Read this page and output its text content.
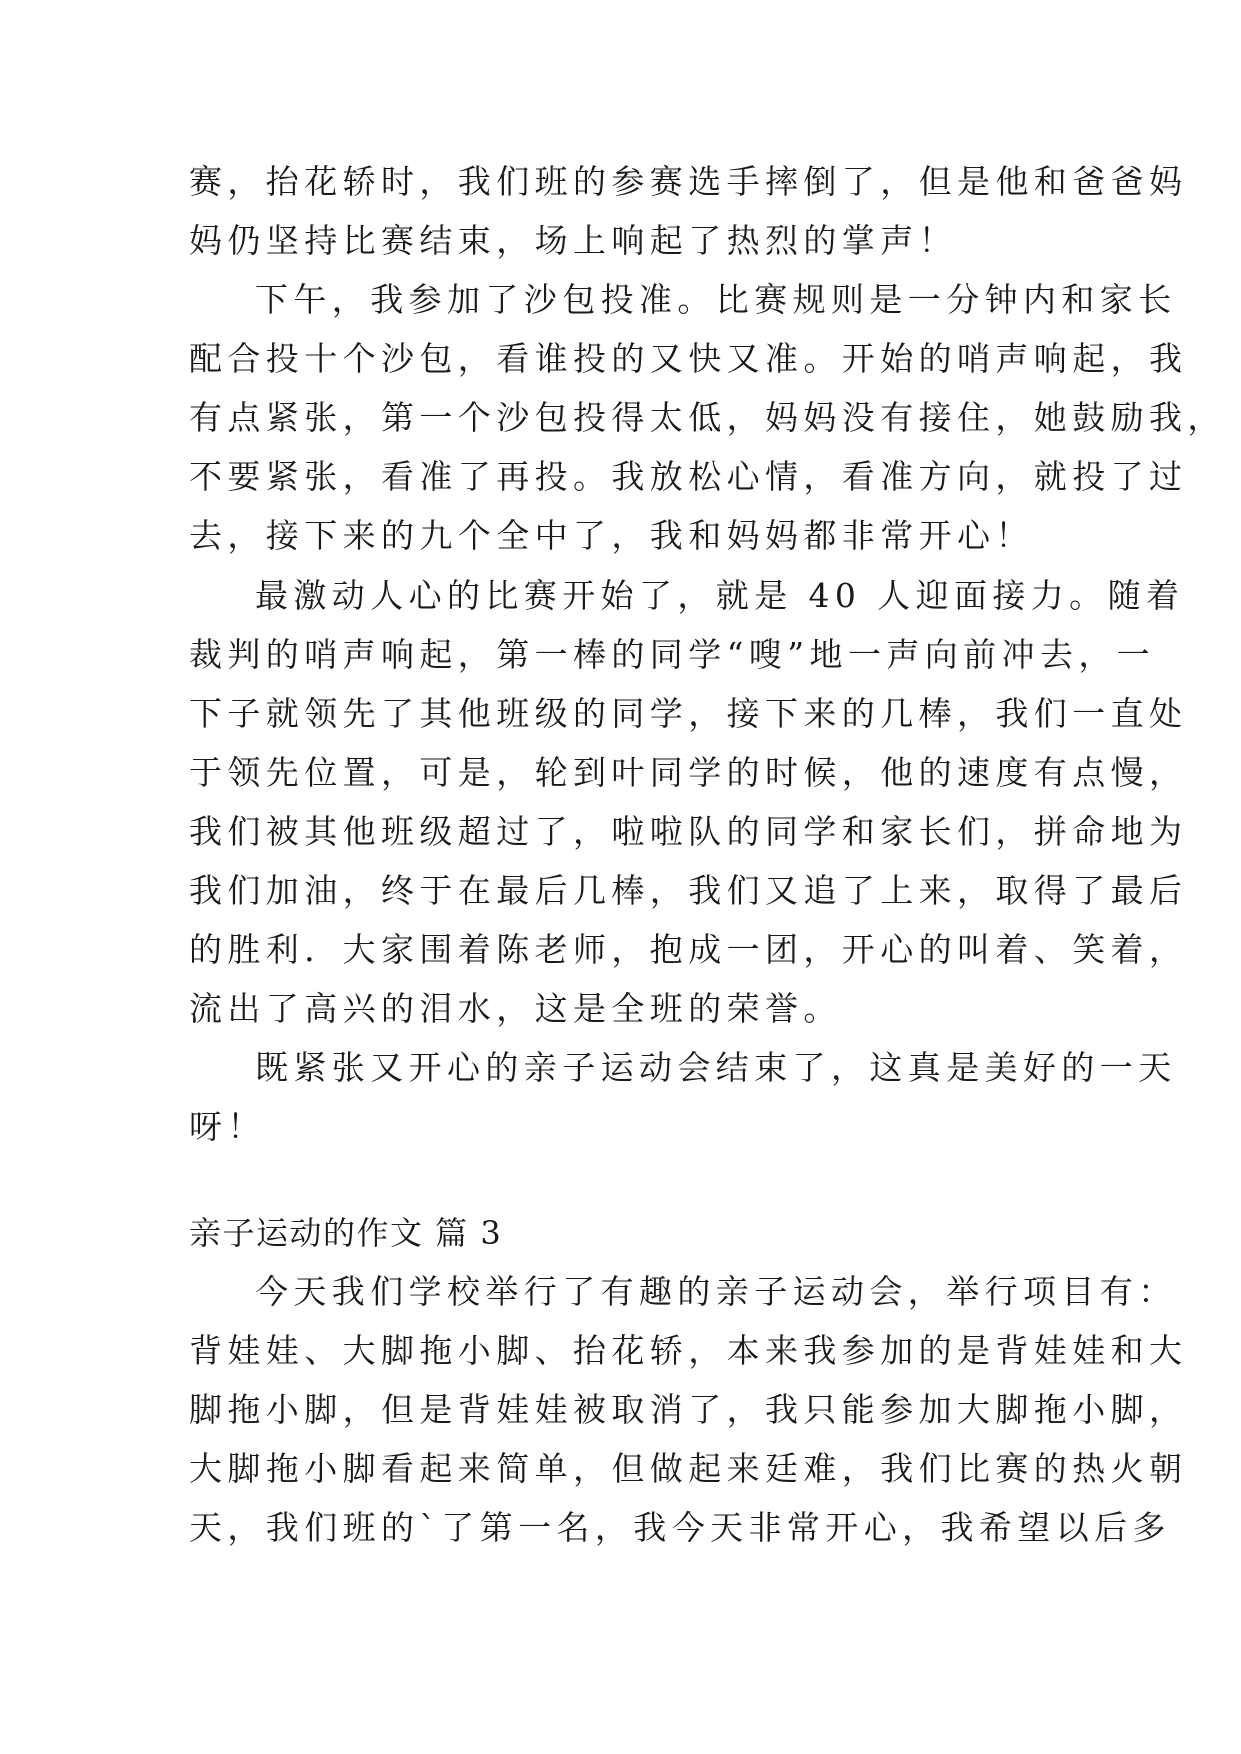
赛，抬花轿时，我们班的参赛选手摔倒了，但是他和爸爸妈
妈仍坚持比赛结束，场上响起了热烈的掌声！
下午，我参加了沙包投准。比赛规则是一分钟内和家长
配合投十个沙包，看谁投的又快又准。开始的哨声响起，我
有点紧张，第一个沙包投得太低，妈妈没有接住，她鼓励我，
不要紧张，看准了再投。我放松心情，看准方向，就投了过
去，接下来的九个全中了，我和妈妈都非常开心！
最激动人心的比赛开始了，就是 40 人迎面接力。随着
裁判的哨声响起，第一棒的同学“嗖”地一声向前冲去，一
下子就领先了其他班级的同学，接下来的几棒，我们一直处
于领先位置，可是，轮到叶同学的时候，他的速度有点慢，
我们被其他班级超过了，啦啦队的同学和家长们，拼命地为
我们加油，终于在最后几棒，我们又追了上来，取得了最后
的胜利．大家围着陈老师，抱成一团，开心的叫着、笑着，
流出了高兴的泪水，这是全班的荣誉。
既紧张又开心的亲子运动会结束了，这真是美好的一天
呀！
亲子运动的作文 篇 3
今天我们学校举行了有趣的亲子运动会，举行项目有：
背娃娃、大脚拖小脚、抬花轿，本来我参加的是背娃娃和大
脚拖小脚，但是背娃娃被取消了，我只能参加大脚拖小脚，
大脚拖小脚看起来简单，但做起来廷难，我们比赛的热火朝
天，我们班的`了第一名，我今天非常开心，我希望以后多
